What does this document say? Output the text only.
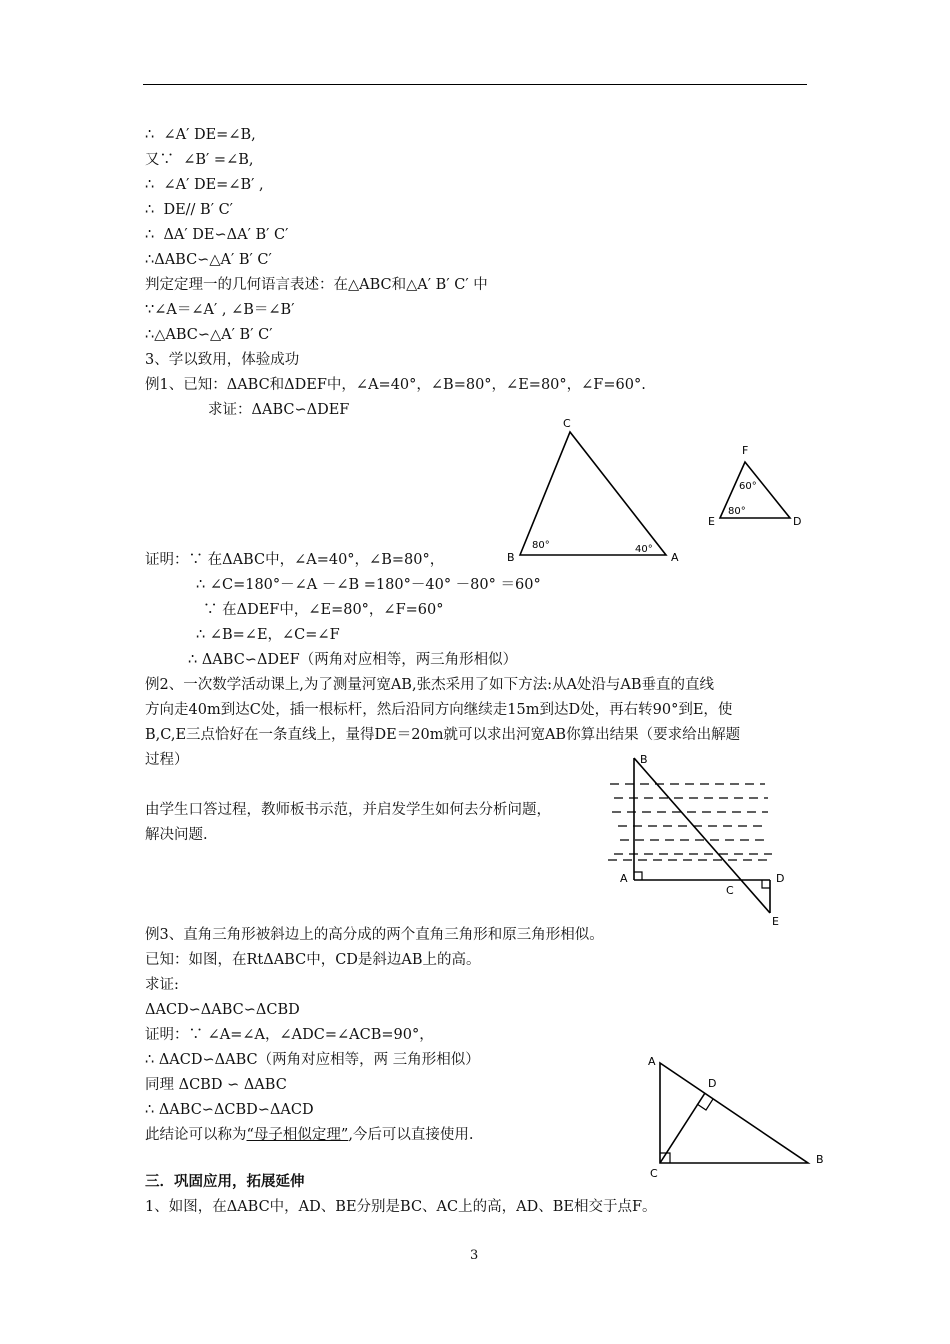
∴  ∠A′ DE=∠B,
又∵  ∠B′ =∠B,
∴  ∠A′ DE=∠B′ ,
∴  DE// B′ C′
∴  ΔA′ DE∽ΔA′ B′ C′
∴ΔABC∽△A′ B′ C′
判定定理一的几何语言表述：在△ABC和△A′ B′ C′ 中
∵∠A＝∠A′ , ∠B＝∠B′
∴△ABC∽△A′ B′ C′
3、学以致用，体验成功
例1、已知：ΔABC和ΔDEF中，∠A=40°，∠B=80°，∠E=80°，∠F=60°.
求证：ΔABC∽ΔDEF
C
B	A
80°	40°
F
E	D
60°
80°
证明：∵ 在ΔABC中，∠A=40°，∠B=80°，
∴ ∠C=180°－∠A －∠B =180°－40° －80° ＝60°
∵ 在ΔDEF中，∠E=80°，∠F=60°
∴ ∠B=∠E，∠C=∠F
∴ ΔABC∽ΔDEF（两角对应相等，两三角形相似）
例2、一次数学活动课上,为了测量河宽AB,张杰采用了如下方法:从A处沿与AB垂直的直线
方向走40m到达C处，插一根标杆，然后沿同方向继续走15m到达D处，再右转90°到E，使
B,C,E三点恰好在一条直线上，量得DE＝20m就可以求出河宽AB你算出结果（要求给出解题
过程）
由学生口答过程，教师板书示范，并启发学生如何去分析问题，
解决问题.
B
A
C
D
E
例3、直角三角形被斜边上的高分成的两个直角三角形和原三角形相似。
已知：如图，在RtΔABC中，CD是斜边AB上的高。
求证:
ΔACD∽ΔABC∽ΔCBD
证明：∵ ∠A=∠A，∠ADC=∠ACB=90°，
∴ ΔACD∽ΔABC（两角对应相等，两 三角形相似）
同理 ΔCBD ∽ ΔABC
∴ ΔABC∽ΔCBD∽ΔACD
此结论可以称为“母子相似定理”,今后可以直接使用.
A
D
C
B
三．巩固应用，拓展延伸
1、如图，在ΔABC中，AD、BE分别是BC、AC上的高，AD、BE相交于点F。
3
